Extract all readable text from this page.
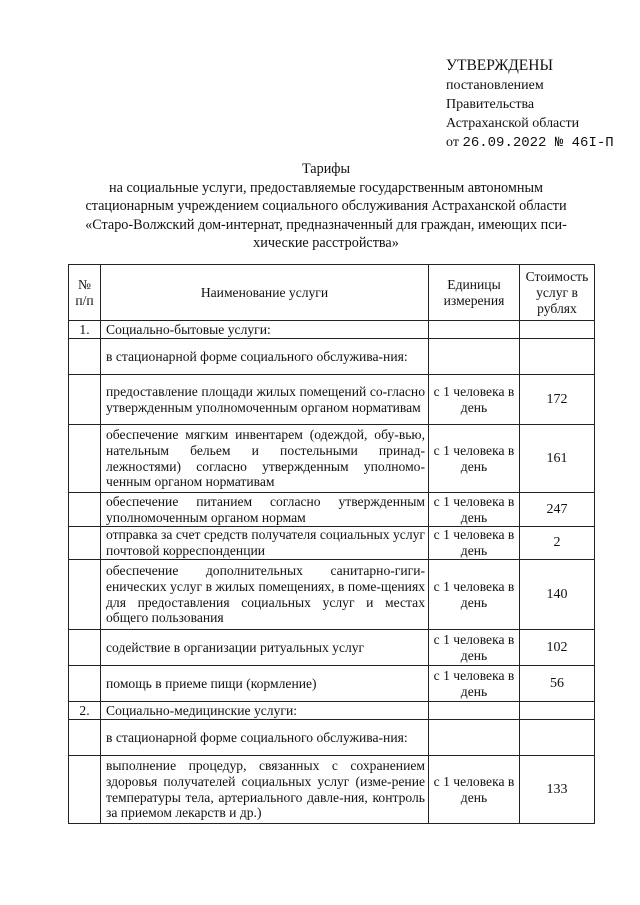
УТВЕРЖДЕНЫ
постановлением
Правительства
Астраханской области
от 26.09.2022 № 46I-П
Тарифы
на социальные услуги, предоставляемые государственным автономным
стационарным учреждением социального обслуживания Астраханской области
«Старо-Волжский дом-интернат, предназначенный для граждан, имеющих пси-
хические расстройства»
№ п/п	Наименование услуги	Единицы измерения	Стоимость услуг в рублях
1.	Социально-бытовые услуги:		
	в стационарной форме социального обслужива-ния:		
	предоставление площади жилых помещений со-гласно утвержденным уполномоченным органом нормативам	с 1 человека в день	172
	обеспечение мягким инвентарем (одеждой, обу-вью, нательным бельем и постельными принад-лежностями) согласно утвержденным уполномо-ченным органом нормативам	с 1 человека в день	161
	обеспечение питанием согласно утвержденным уполномоченным органом нормам	с 1 человека в день	247
	отправка за счет средств получателя социальных услуг почтовой корреспонденции	с 1 человека в день	2
	обеспечение дополнительных санитарно-гиги-енических услуг в жилых помещениях, в поме-щениях для предоставления социальных услуг и местах общего пользования	с 1 человека в день	140
	содействие в организации ритуальных услуг	с 1 человека в день	102
	помощь в приеме пищи (кормление)	с 1 человека в день	56
2.	Социально-медицинские услуги:		
	в стационарной форме социального обслужива-ния:		
	выполнение процедур, связанных с сохранением здоровья получателей социальных услуг (изме-рение температуры тела, артериального давле-ния, контроль за приемом лекарств и др.)	с 1 человека в день	133
